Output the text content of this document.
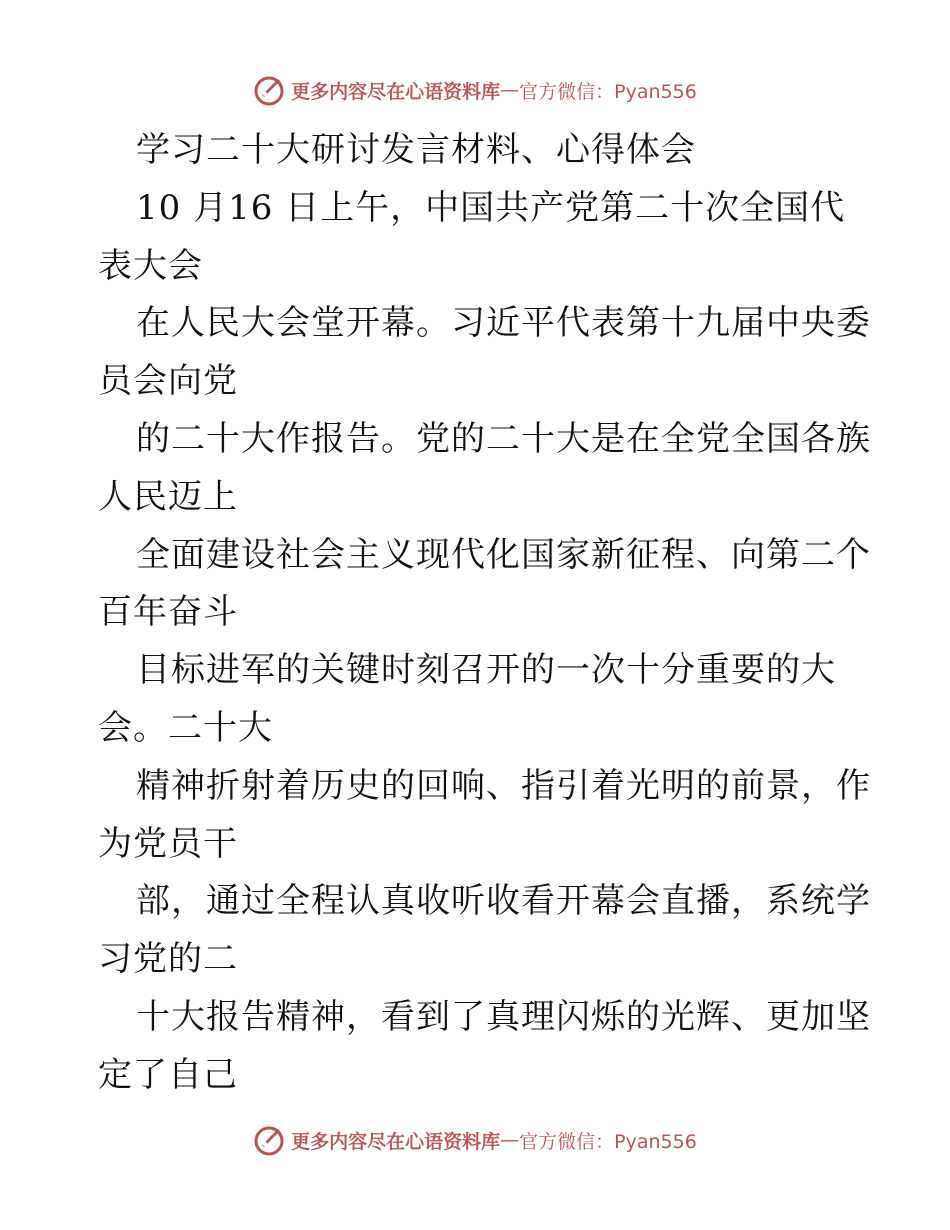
更多内容尽在心语资料库 — 官方微信：Pyan556
学习二十大研讨发言材料、心得体会
10 月16 日上午，中国共产党第二十次全国代
表大会
在人民大会堂开幕。习近平代表第十九届中央委
员会向党
的二十大作报告。党的二十大是在全党全国各族
人民迈上
全面建设社会主义现代化国家新征程、向第二个
百年奋斗
目标进军的关键时刻召开的一次十分重要的大
会。二十大
精神折射着历史的回响、指引着光明的前景，作
为党员干
部，通过全程认真收听收看开幕会直播，系统学
习党的二
十大报告精神，看到了真理闪烁的光辉、更加坚
定了自己
更多内容尽在心语资料库 — 官方微信：Pyan556
